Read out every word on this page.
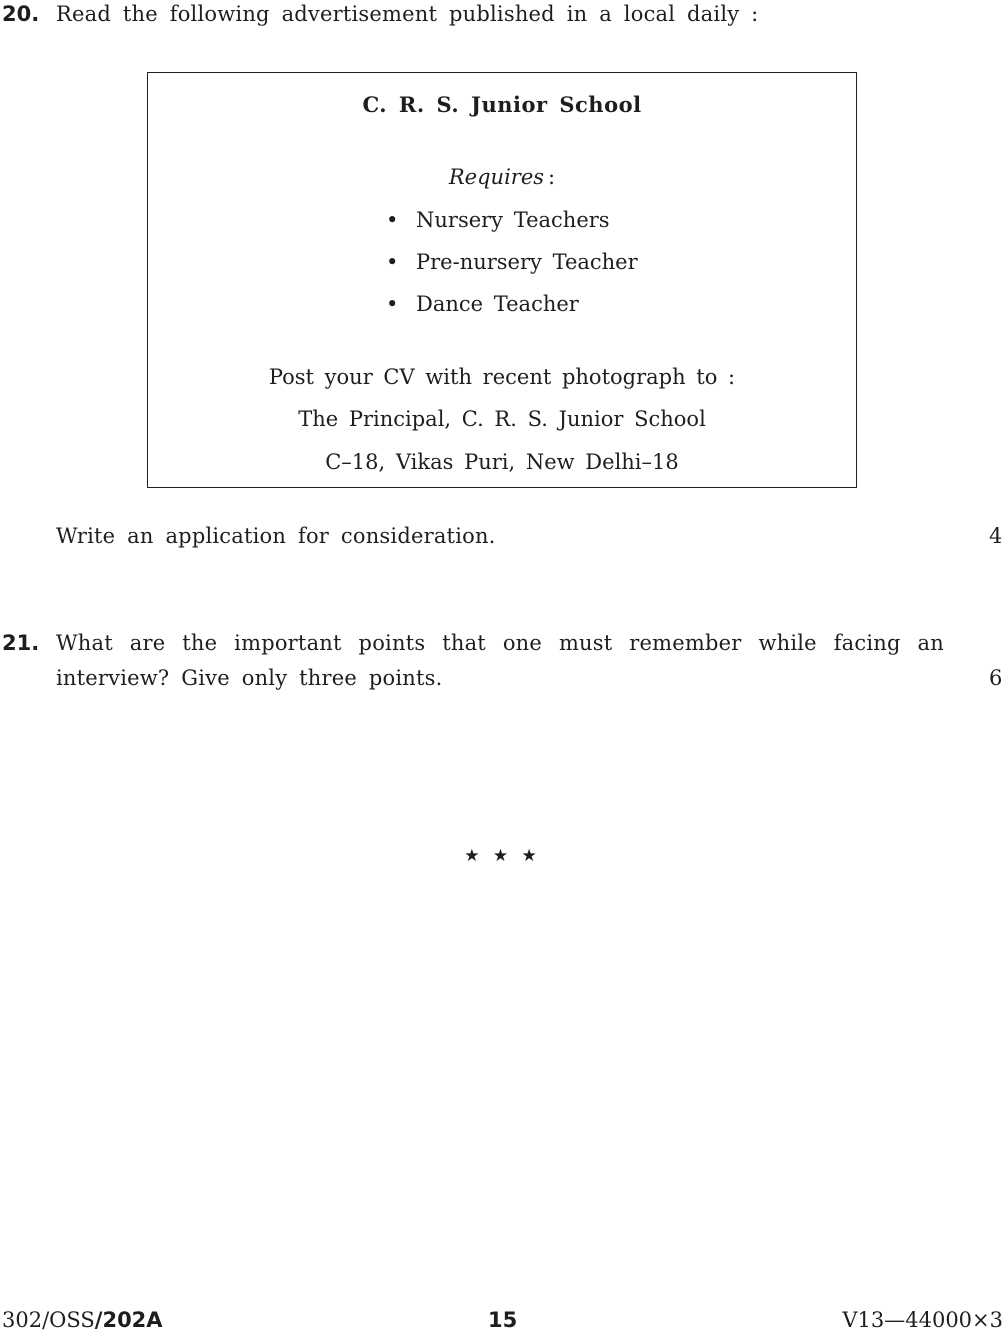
20. Read the following advertisement published in a local daily :
C. R. S. Junior School
Requires :
• Nursery Teachers
• Pre-nursery Teacher
• Dance Teacher
Post your CV with recent photograph to :
The Principal, C. R. S. Junior School
C–18, Vikas Puri, New Delhi–18
Write an application for consideration.	4
21. What are the important points that one must remember while facing an
interview? Give only three points.	6
★ ★ ★
302/OSS/202A	15	V13—44000×3
